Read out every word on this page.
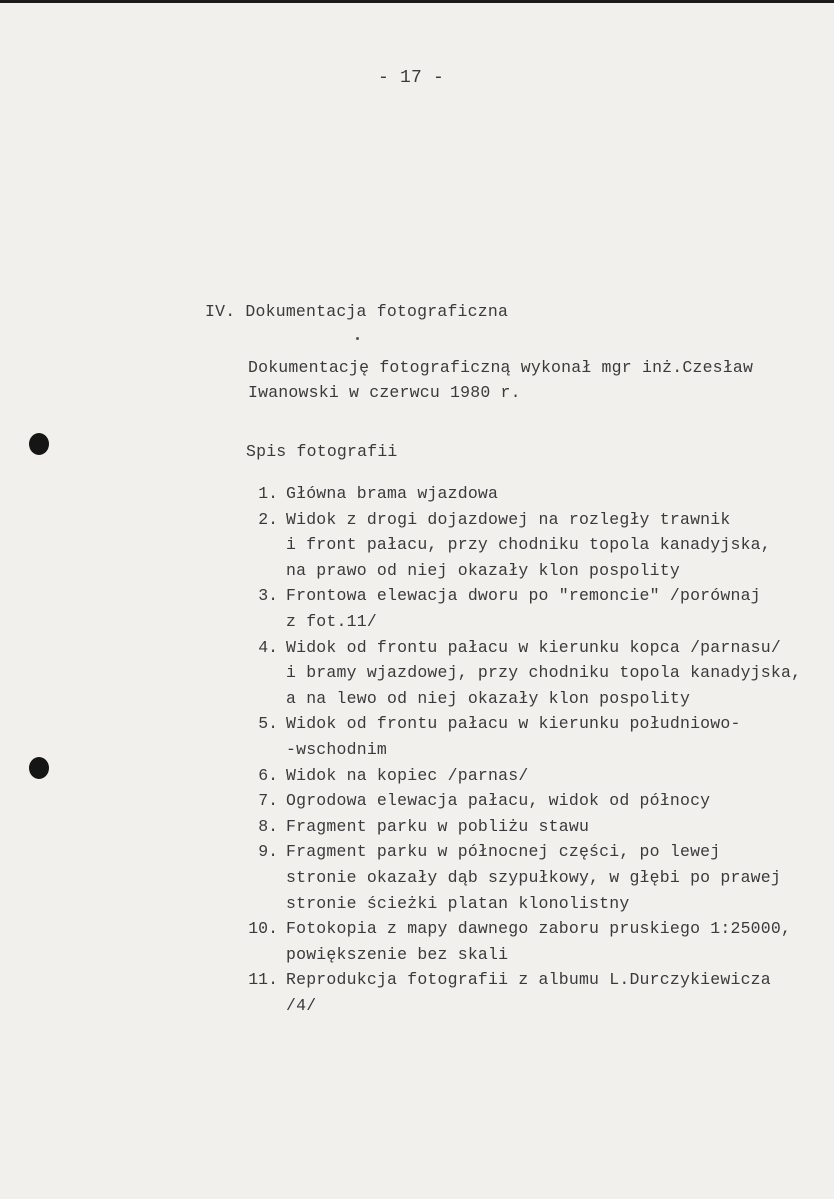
- 17 -
IV. Dokumentacja fotograficzna
Dokumentację fotograficzną wykonał mgr inż.Czesław
Iwanowski w czerwcu 1980 r.
Spis fotografii
1. Główna brama wjazdowa
2. Widok z drogi dojazdowej na rozległy trawnik
i front pałacu, przy chodniku topola kanadyjska,
na prawo od niej okazały klon pospolity
3. Frontowa elewacja dworu po "remoncie" /porównaj
z fot.11/
4. Widok od frontu pałacu w kierunku kopca /parnasu/
i bramy wjazdowej, przy chodniku topola kanadyjska,
a na lewo od niej okazały klon pospolity
5. Widok od frontu pałacu w kierunku południowo-
-wschodnim
6. Widok na kopiec /parnas/
7. Ogrodowa elewacja pałacu, widok od północy
8. Fragment parku w pobliżu stawu
9. Fragment parku w północnej części, po lewej
stronie okazały dąb szypułkowy, w głębi po prawej
stronie ścieżki platan klonolistny
10. Fotokopia z mapy dawnego zaboru pruskiego 1:25000,
powiększenie bez skali
11. Reprodukcja fotografii z albumu L.Durczykiewicza
/4/
